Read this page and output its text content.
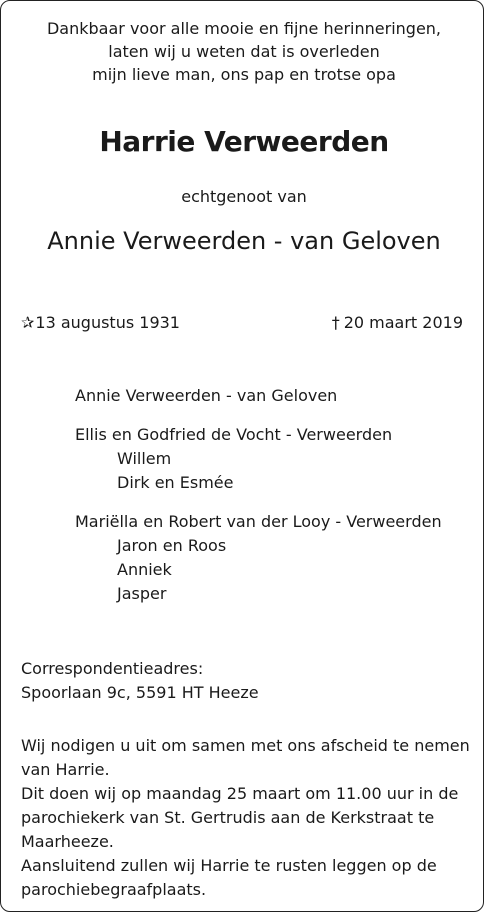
Dankbaar voor alle mooie en fijne herinneringen,
laten wij u weten dat is overleden
mijn lieve man, ons pap en trotse opa
Harrie Verweerden
echtgenoot van
Annie Verweerden - van Geloven
✰13 augustus 1931	† 20 maart 2019
Annie Verweerden - van Geloven
Ellis en Godfried de Vocht - Verweerden
Willem
Dirk en Esmée
Mariëlla en Robert van der Looy - Verweerden
Jaron en Roos
Anniek
Jasper
Correspondentieadres:
Spoorlaan 9c, 5591 HT Heeze
Wij nodigen u uit om samen met ons afscheid te nemen van Harrie.
Dit doen wij op maandag 25 maart om 11.00 uur in de parochiekerk van St. Gertrudis aan de Kerkstraat te Maarheeze.
Aansluitend zullen wij Harrie te rusten leggen op de parochiebegraafplaats.
